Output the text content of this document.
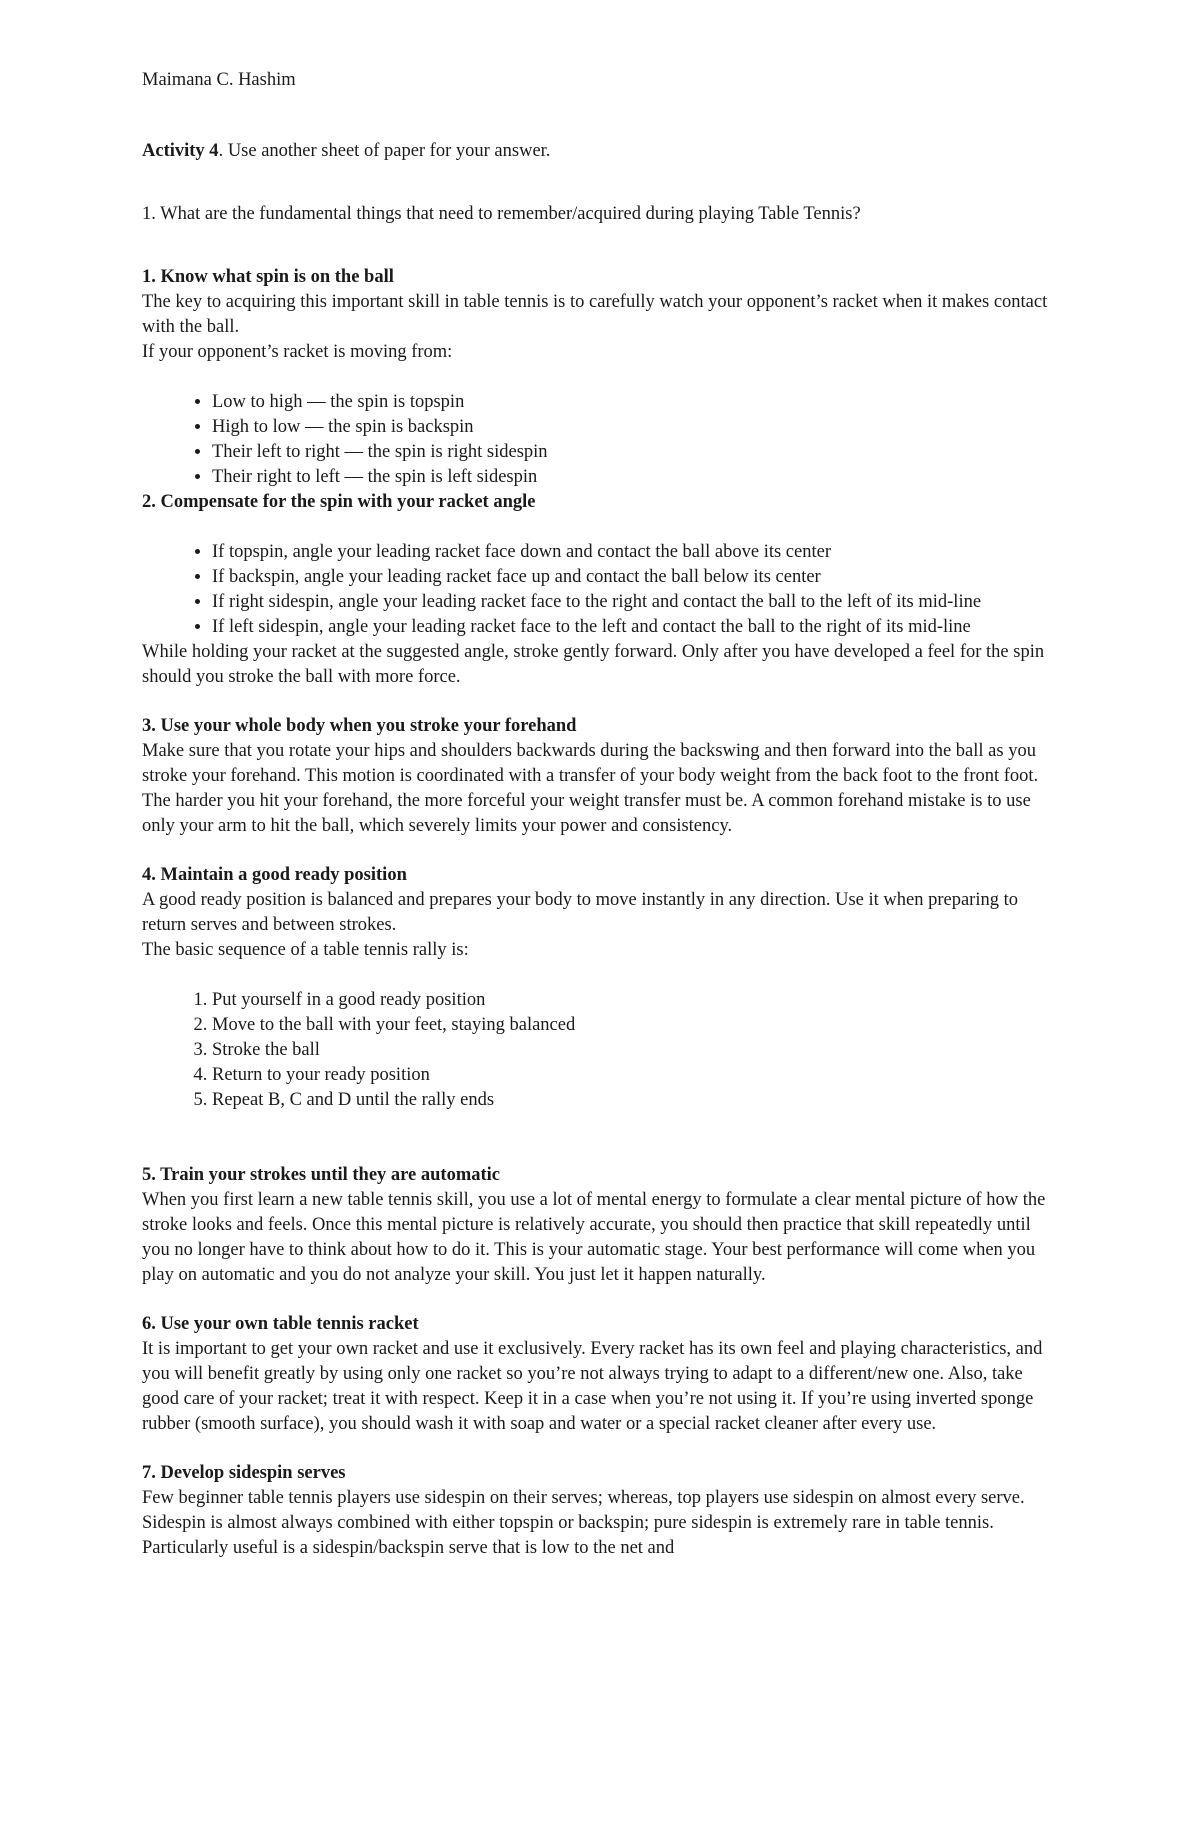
Maimana C. Hashim

Activity 4. Use another sheet of paper for your answer.

1. What are the fundamental things that need to remember/acquired during playing Table Tennis?

1. Know what spin is on the ball

The key to acquiring this important skill in table tennis is to carefully watch your opponent’s racket when it makes contact with the ball.

If your opponent’s racket is moving from:

• Low to high — the spin is topspin
• High to low — the spin is backspin
• Their left to right — the spin is right sidespin
• Their right to left — the spin is left sidespin

2. Compensate for the spin with your racket angle

• If topspin, angle your leading racket face down and contact the ball above its center
• If backspin, angle your leading racket face up and contact the ball below its center
• If right sidespin, angle your leading racket face to the right and contact the ball to the left of its mid-line
• If left sidespin, angle your leading racket face to the left and contact the ball to the right of its mid-line

While holding your racket at the suggested angle, stroke gently forward. Only after you have developed a feel for the spin should you stroke the ball with more force.

3. Use your whole body when you stroke your forehand

Make sure that you rotate your hips and shoulders backwards during the backswing and then forward into the ball as you stroke your forehand. This motion is coordinated with a transfer of your body weight from the back foot to the front foot. The harder you hit your forehand, the more forceful your weight transfer must be. A common forehand mistake is to use only your arm to hit the ball, which severely limits your power and consistency.

4. Maintain a good ready position

A good ready position is balanced and prepares your body to move instantly in any direction. Use it when preparing to return serves and between strokes.

The basic sequence of a table tennis rally is:

1. Put yourself in a good ready position
2. Move to the ball with your feet, staying balanced
3. Stroke the ball
4. Return to your ready position
5. Repeat B, C and D until the rally ends

5. Train your strokes until they are automatic

When you first learn a new table tennis skill, you use a lot of mental energy to formulate a clear mental picture of how the stroke looks and feels. Once this mental picture is relatively accurate, you should then practice that skill repeatedly until you no longer have to think about how to do it. This is your automatic stage. Your best performance will come when you play on automatic and you do not analyze your skill. You just let it happen naturally.

6. Use your own table tennis racket

It is important to get your own racket and use it exclusively. Every racket has its own feel and playing characteristics, and you will benefit greatly by using only one racket so you’re not always trying to adapt to a different/new one. Also, take good care of your racket; treat it with respect. Keep it in a case when you’re not using it. If you’re using inverted sponge rubber (smooth surface), you should wash it with soap and water or a special racket cleaner after every use.

7. Develop sidespin serves

Few beginner table tennis players use sidespin on their serves; whereas, top players use sidespin on almost every serve. Sidespin is almost always combined with either topspin or backspin; pure sidespin is extremely rare in table tennis. Particularly useful is a sidespin/backspin serve that is low to the net and
